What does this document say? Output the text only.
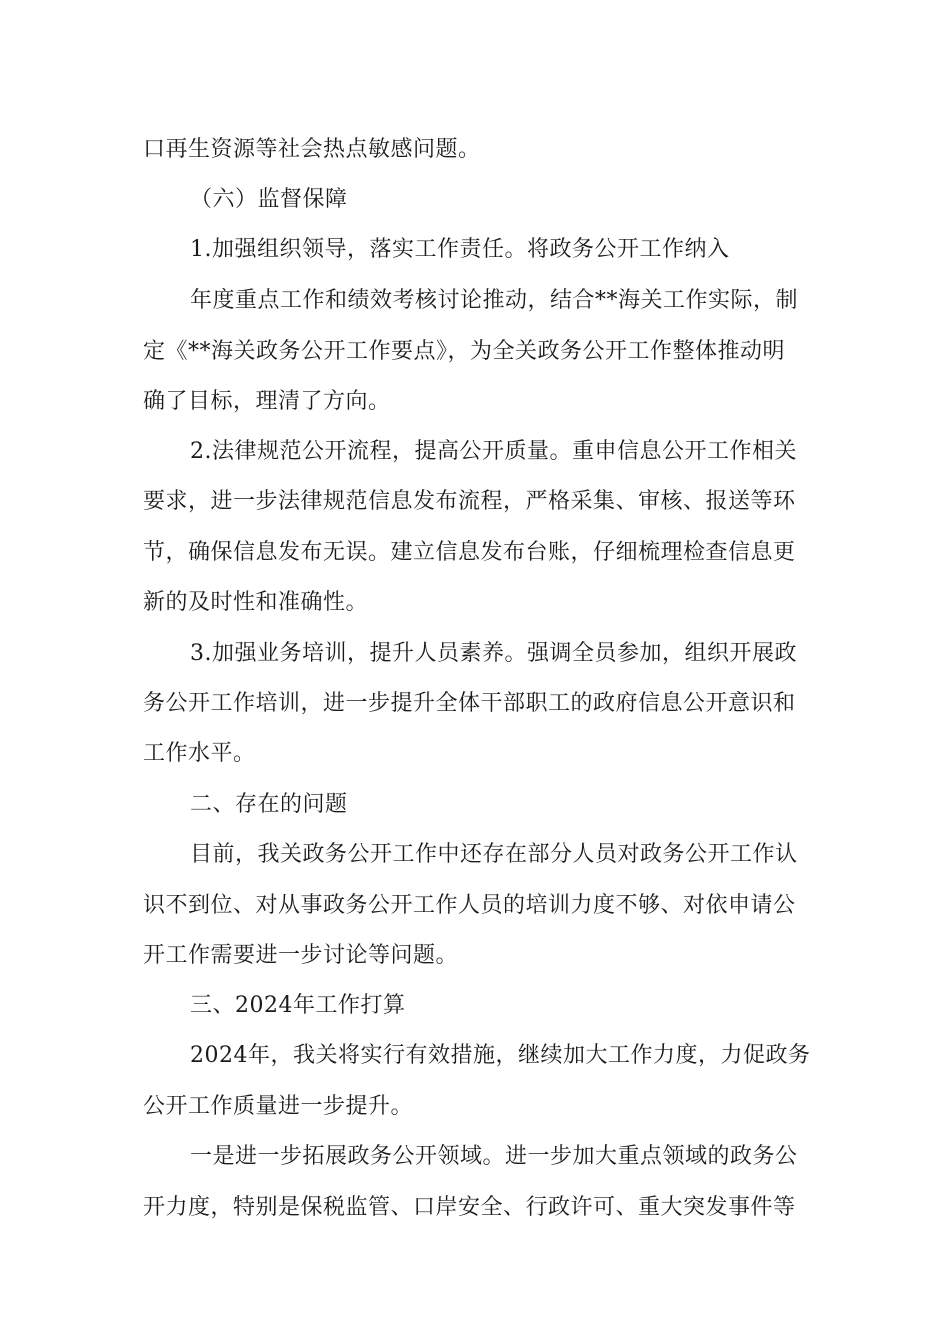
口再生资源等社会热点敏感问题。
（六）监督保障
1.加强组织领导，落实工作责任。将政务公开工作纳入
年度重点工作和绩效考核讨论推动，结合**海关工作实际，制
定《**海关政务公开工作要点》，为全关政务公开工作整体推动明
确了目标，理清了方向。
2.法律规范公开流程，提高公开质量。重申信息公开工作相关
要求，进一步法律规范信息发布流程，严格采集、审核、报送等环
节，确保信息发布无误。建立信息发布台账，仔细梳理检查信息更
新的及时性和准确性。
3.加强业务培训，提升人员素养。强调全员参加，组织开展政
务公开工作培训，进一步提升全体干部职工的政府信息公开意识和
工作水平。
二、存在的问题
目前，我关政务公开工作中还存在部分人员对政务公开工作认
识不到位、对从事政务公开工作人员的培训力度不够、对依申请公
开工作需要进一步讨论等问题。
三、2024年工作打算
2024年，我关将实行有效措施，继续加大工作力度，力促政务
公开工作质量进一步提升。
一是进一步拓展政务公开领域。进一步加大重点领域的政务公
开力度，特别是保税监管、口岸安全、行政许可、重大突发事件等
